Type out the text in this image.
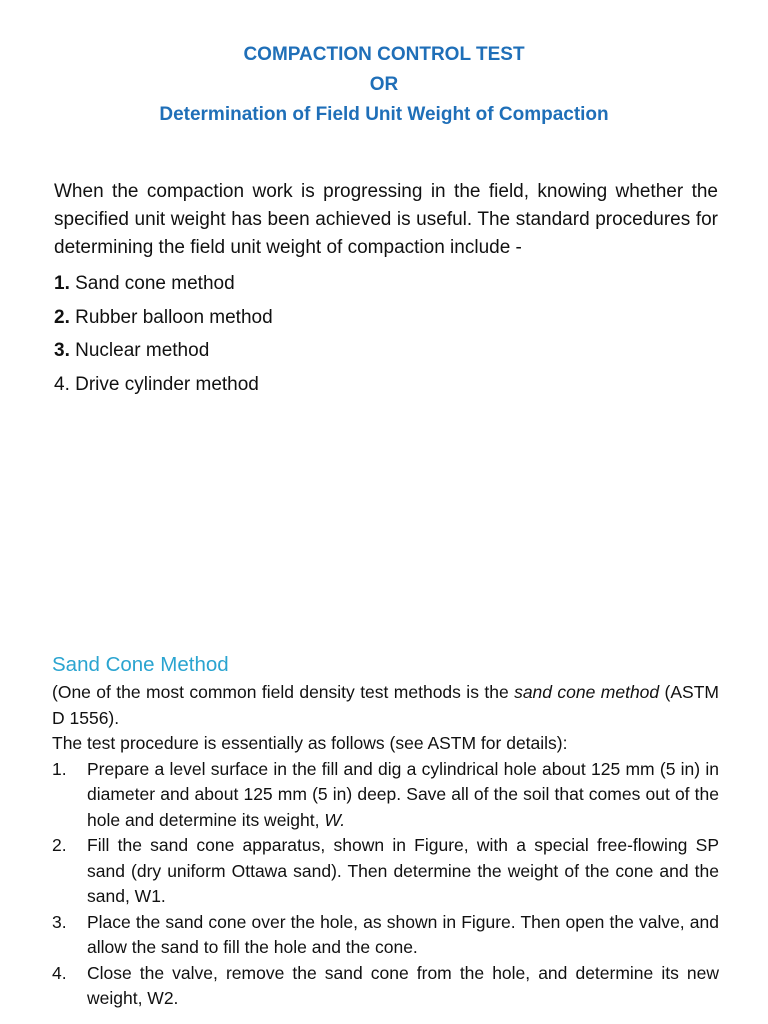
COMPACTION CONTROL TEST
OR
Determination of Field Unit Weight of Compaction

When the compaction work is progressing in the field, knowing whether the specified unit weight has been achieved is useful. The standard procedures for determining the field unit weight of compaction include -

1. Sand cone method
2. Rubber balloon method
3. Nuclear method
4. Drive cylinder method
Sand Cone Method

(One of the most common field density test methods is the sand cone method (ASTM D 1556).

The test procedure is essentially as follows (see ASTM for details):

1.	Prepare a level surface in the fill and dig a cylindrical hole about 125 mm (5 in) in diameter and about 125 mm (5 in) deep. Save all of the soil that comes out of the hole and determine its weight, W.
2.	Fill the sand cone apparatus, shown in Figure, with a special free-flowing SP sand (dry uniform Ottawa sand). Then determine the weight of the cone and the sand, W1.
3.	Place the sand cone over the hole, as shown in Figure. Then open the valve, and allow the sand to fill the hole and the cone.
4.	Close the valve, remove the sand cone from the hole, and determine its new weight, W2.
